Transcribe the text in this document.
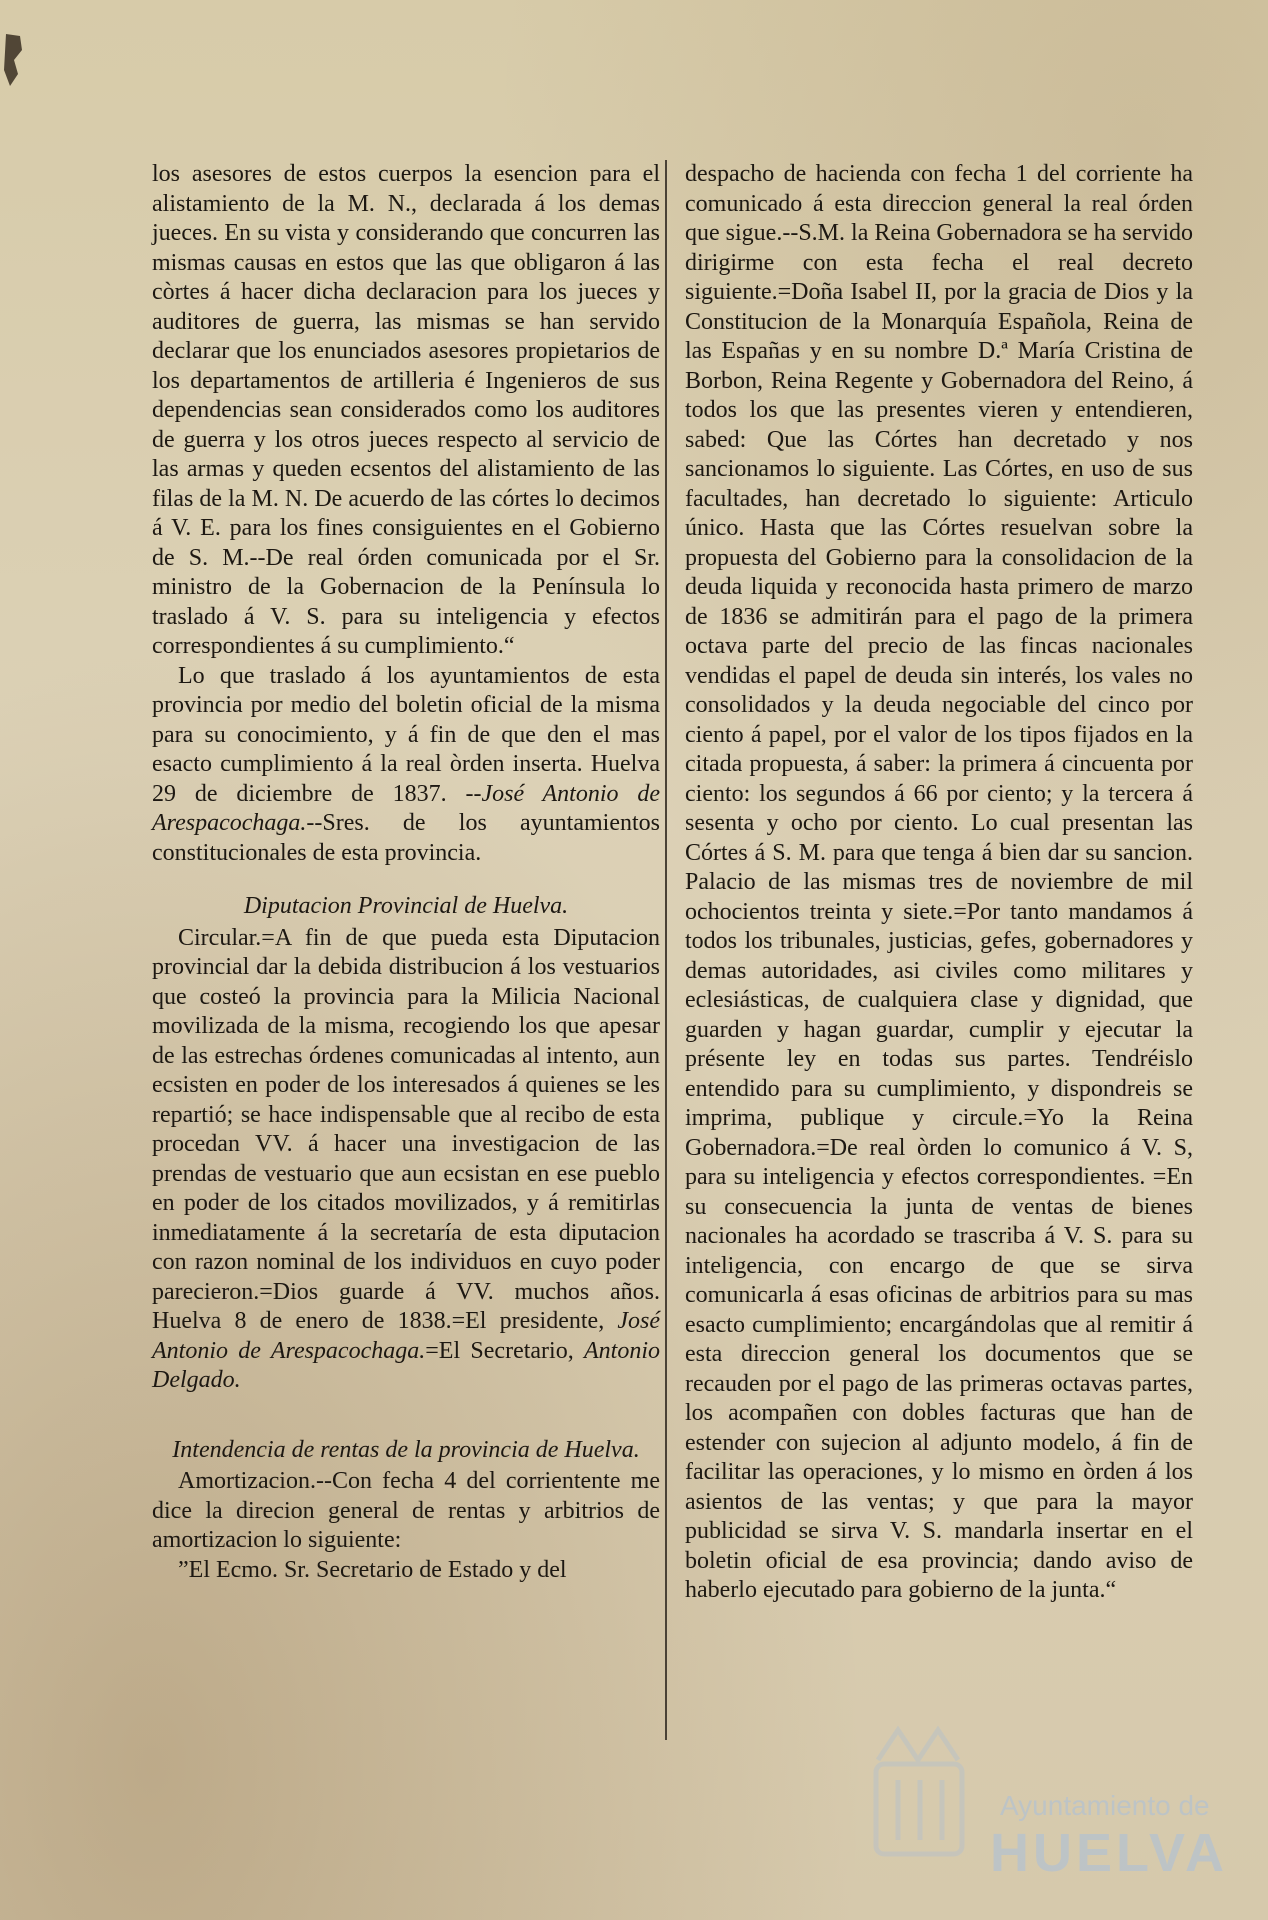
los asesores de estos cuerpos la esencion para el alistamiento de la M. N., declarada á los demas jueces. En su vista y considerando que concurren las mismas causas en estos que las que obligaron á las còrtes á hacer dicha declaracion para los jueces y auditores de guerra, las mismas se han servido declarar que los enunciados asesores propietarios de los departamentos de artilleria é Ingenieros de sus dependencias sean considerados como los auditores de guerra y los otros jueces respecto al servicio de las armas y queden ecsentos del alistamiento de las filas de la M. N. De acuerdo de las córtes lo decimos á V. E. para los fines consiguientes en el Gobierno de S. M.--De real órden comunicada por el Sr. ministro de la Gobernacion de la Península lo traslado á V. S. para su inteligencia y efectos correspondientes á su cumplimiento.“

Lo que traslado á los ayuntamientos de esta provincia por medio del boletin oficial de la misma para su conocimiento, y á fin de que den el mas esacto cumplimiento á la real òrden inserta. Huelva 29 de diciembre de 1837. --José Antonio de Arespacochaga.--Sres. de los ayuntamientos constitucionales de esta provincia.

Diputacion Provincial de Huelva.

Circular.=A fin de que pueda esta Diputacion provincial dar la debida distribucion á los vestuarios que costeó la provincia para la Milicia Nacional movilizada de la misma, recogiendo los que apesar de las estrechas órdenes comunicadas al intento, aun ecsisten en poder de los interesados á quienes se les repartió; se hace indispensable que al recibo de esta procedan VV. á hacer una investigacion de las prendas de vestuario que aun ecsistan en ese pueblo en poder de los citados movilizados, y á remitirlas inmediatamente á la secretaría de esta diputacion con razon nominal de los individuos en cuyo poder parecieron.=Dios guarde á VV. muchos años. Huelva 8 de enero de 1838.=El presidente, José Antonio de Arespacochaga.=El Secretario, Antonio Delgado.

Intendencia de rentas de la provincia de Huelva.

Amortizacion.--Con fecha 4 del corrientente me dice la direcion general de rentas y arbitrios de amortizacion lo siguiente:

”El Ecmo. Sr. Secretario de Estado y del

despacho de hacienda con fecha 1 del corriente ha comunicado á esta direccion general la real órden que sigue.--S.M. la Reina Gobernadora se ha servido dirigirme con esta fecha el real decreto siguiente.=Doña Isabel II, por la gracia de Dios y la Constitucion de la Monarquía Española, Reina de las Españas y en su nombre D.ª María Cristina de Borbon, Reina Regente y Gobernadora del Reino, á todos los que las presentes vieren y entendieren, sabed: Que las Córtes han decretado y nos sancionamos lo siguiente. Las Córtes, en uso de sus facultades, han decretado lo siguiente: Articulo único. Hasta que las Córtes resuelvan sobre la propuesta del Gobierno para la consolidacion de la deuda liquida y reconocida hasta primero de marzo de 1836 se admitirán para el pago de la primera octava parte del precio de las fincas nacionales vendidas el papel de deuda sin interés, los vales no consolidados y la deuda negociable del cinco por ciento á papel, por el valor de los tipos fijados en la citada propuesta, á saber: la primera á cincuenta por ciento: los segundos á 66 por ciento; y la tercera á sesenta y ocho por ciento. Lo cual presentan las Córtes á S. M. para que tenga á bien dar su sancion. Palacio de las mismas tres de noviembre de mil ochocientos treinta y siete.=Por tanto mandamos á todos los tribunales, justicias, gefes, gobernadores y demas autoridades, asi civiles como militares y eclesiásticas, de cualquiera clase y dignidad, que guarden y hagan guardar, cumplir y ejecutar la présente ley en todas sus partes. Tendréislo entendido para su cumplimiento, y dispondreis se imprima, publique y circule.=Yo la Reina Gobernadora.=De real òrden lo comunico á V. S, para su inteligencia y efectos correspondientes. =En su consecuencia la junta de ventas de bienes nacionales ha acordado se trascriba á V. S. para su inteligencia, con encargo de que se sirva comunicarla á esas oficinas de arbitrios para su mas esacto cumplimiento; encargándolas que al remitir á esta direccion general los documentos que se recauden por el pago de las primeras octavas partes, los acompañen con dobles facturas que han de estender con sujecion al adjunto modelo, á fin de facilitar las operaciones, y lo mismo en òrden á los asientos de las ventas; y que para la mayor publicidad se sirva V. S. mandarla insertar en el boletin oficial de esa provincia; dando aviso de haberlo ejecutado para gobierno de la junta.“

Ayuntamiento de
HUELVA
